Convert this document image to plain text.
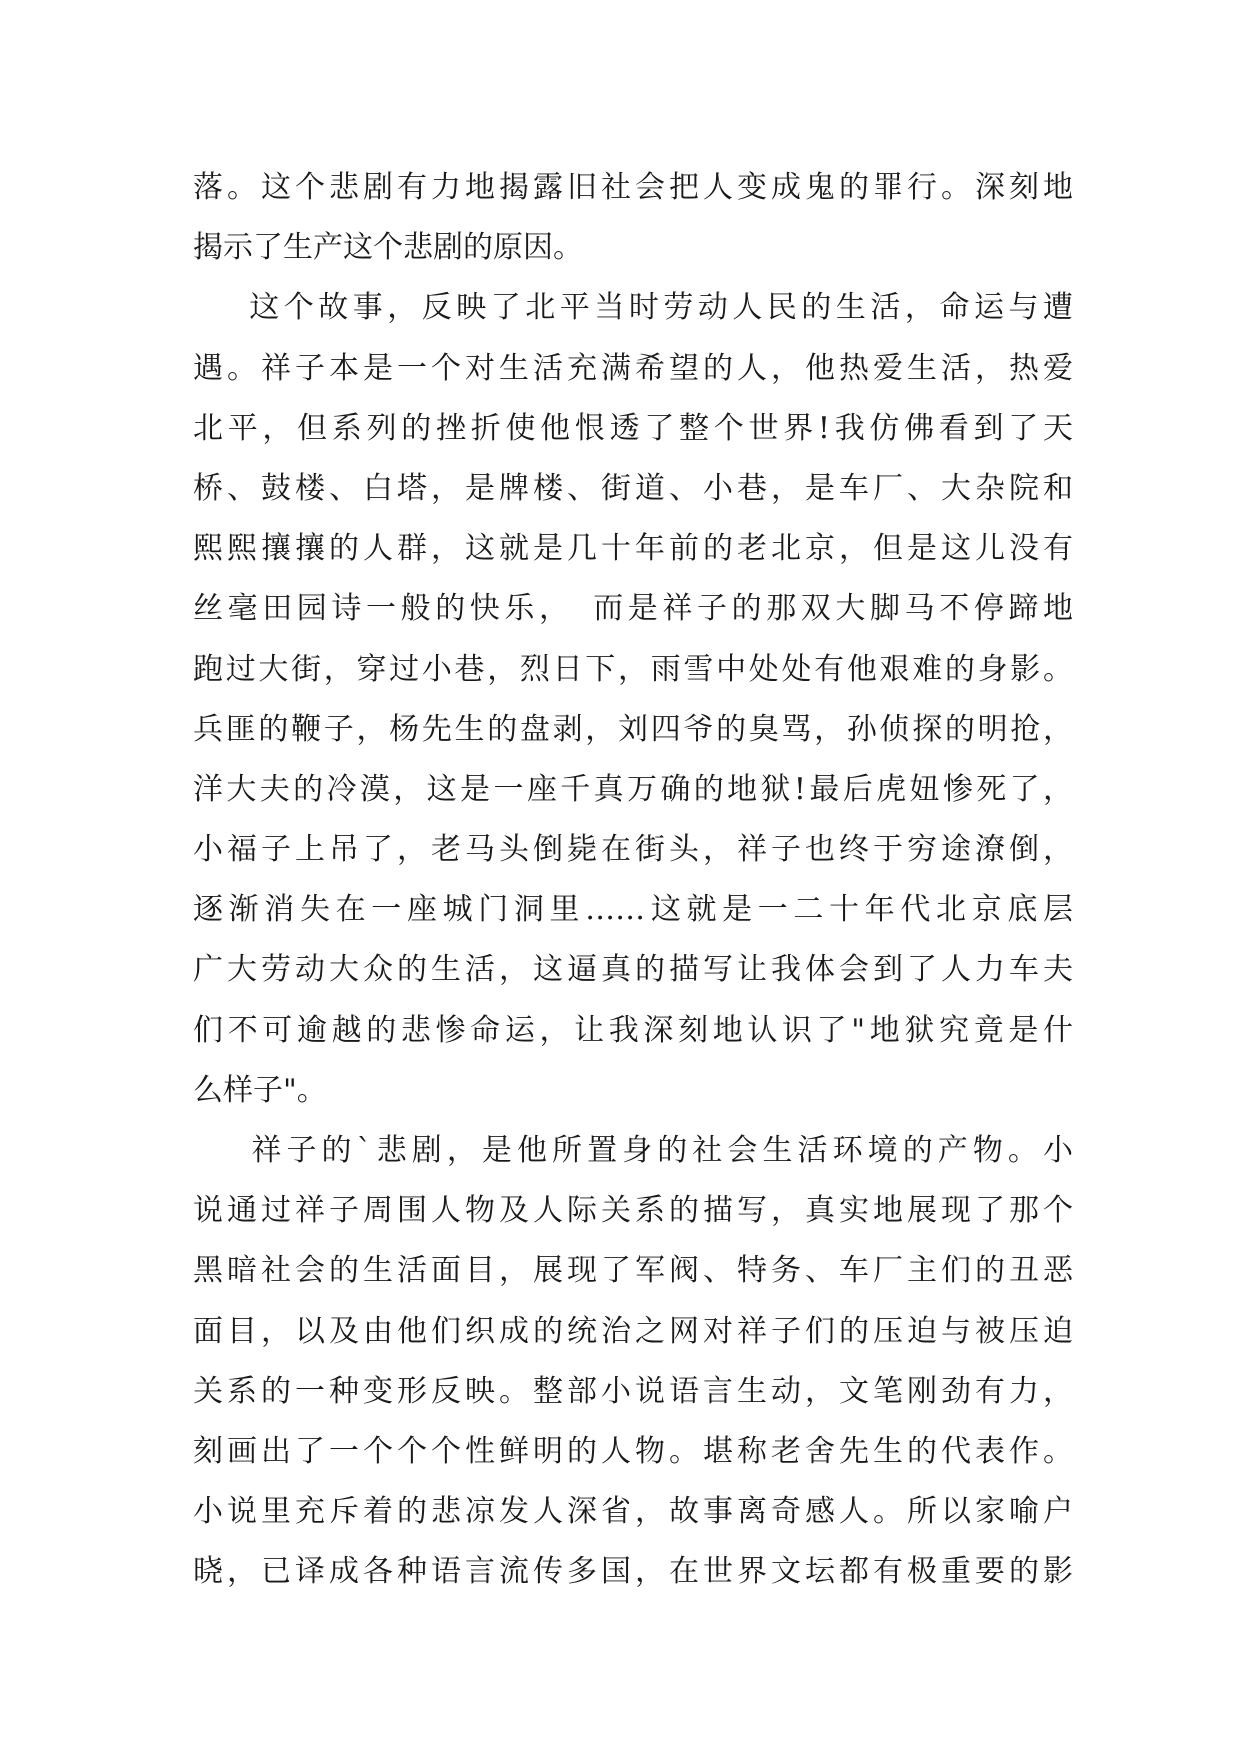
落。这个悲剧有力地揭露旧社会把人变成鬼的罪行。深刻地
揭示了生产这个悲剧的原因。
这个故事，反映了北平当时劳动人民的生活，命运与遭
遇。祥子本是一个对生活充满希望的人，他热爱生活，热爱
北平，但系列的挫折使他恨透了整个世界!我仿佛看到了天
桥、鼓楼、白塔，是牌楼、街道、小巷，是车厂、大杂院和
熙熙攘攘的人群，这就是几十年前的老北京，但是这儿没有
丝毫田园诗一般的快乐，　而是祥子的那双大脚马不停蹄地
跑过大街，穿过小巷，烈日下，雨雪中处处有他艰难的身影。
兵匪的鞭子，杨先生的盘剥，刘四爷的臭骂，孙侦探的明抢，
洋大夫的冷漠，这是一座千真万确的地狱!最后虎妞惨死了，
小福子上吊了，老马头倒毙在街头，祥子也终于穷途潦倒，
逐渐消失在一座城门洞里……这就是一二十年代北京底层
广大劳动大众的生活，这逼真的描写让我体会到了人力车夫
们不可逾越的悲惨命运，让我深刻地认识了"地狱究竟是什
么样子"。
祥子的`悲剧，是他所置身的社会生活环境的产物。小
说通过祥子周围人物及人际关系的描写，真实地展现了那个
黑暗社会的生活面目，展现了军阀、特务、车厂主们的丑恶
面目，以及由他们织成的统治之网对祥子们的压迫与被压迫
关系的一种变形反映。整部小说语言生动，文笔刚劲有力，
刻画出了一个个个性鲜明的人物。堪称老舍先生的代表作。
小说里充斥着的悲凉发人深省，故事离奇感人。所以家喻户
晓，已译成各种语言流传多国，在世界文坛都有极重要的影
